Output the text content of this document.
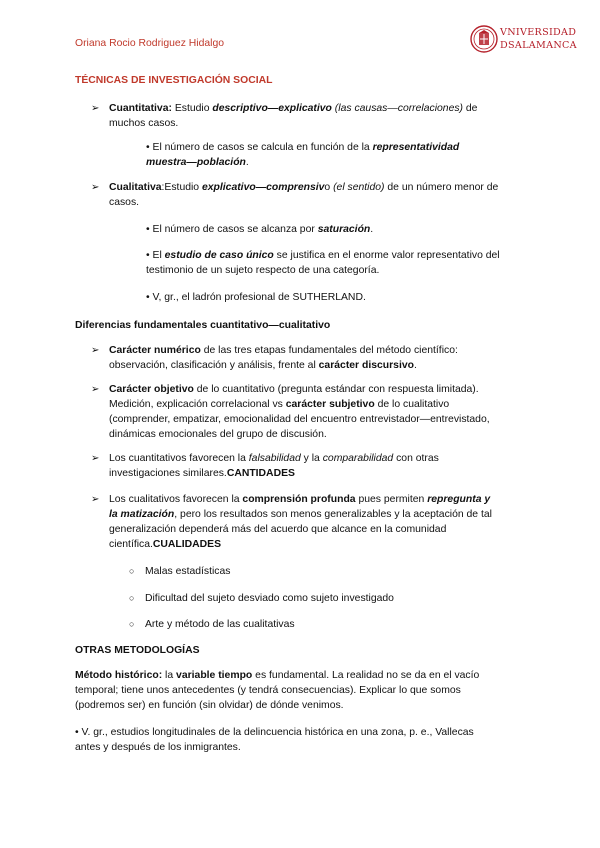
Oriana Rocio Rodriguez Hidalgo
VNIVERSIDAD
DSALAMANCA
TÉCNICAS DE INVESTIGACIÓN SOCIAL
➢ Cuantitativa: Estudio descriptivo—explicativo (las causas—correlaciones) de
muchos casos.
• El número de casos se calcula en función de la representatividad
muestra—población.
➢ Cualitativa:Estudio explicativo—comprensivo (el sentido) de un número menor de
casos.
• El número de casos se alcanza por saturación.
• El estudio de caso único se justifica en el enorme valor representativo del
testimonio de un sujeto respecto de una categoría.
• V, gr., el ladrón profesional de SUTHERLAND.
Diferencias fundamentales cuantitativo—cualitativo
➢ Carácter numérico de las tres etapas fundamentales del método científico:
observación, clasificación y análisis, frente al carácter discursivo.
➢ Carácter objetivo de lo cuantitativo (pregunta estándar con respuesta limitada).
Medición, explicación correlacional vs carácter subjetivo de lo cualitativo
(comprender, empatizar, emocionalidad del encuentro entrevistador—entrevistado,
dinámicas emocionales del grupo de discusión.
➢ Los cuantitativos favorecen la falsabilidad y la comparabilidad con otras
investigaciones similares.CANTIDADES
➢ Los cualitativos favorecen la comprensión profunda pues permiten repregunta y
la matización, pero los resultados son menos generalizables y la aceptación de tal
generalización dependerá más del acuerdo que alcance en la comunidad
científica.CUALIDADES
○ Malas estadísticas
○ Dificultad del sujeto desviado como sujeto investigado
○ Arte y método de las cualitativas
OTRAS METODOLOGÍAS
Método histórico: la variable tiempo es fundamental. La realidad no se da en el vacío
temporal; tiene unos antecedentes (y tendrá consecuencias). Explicar lo que somos
(podremos ser) en función (sin olvidar) de dónde venimos.
• V. gr., estudios longitudinales de la delincuencia histórica en una zona, p. e., Vallecas
antes y después de los inmigrantes.
